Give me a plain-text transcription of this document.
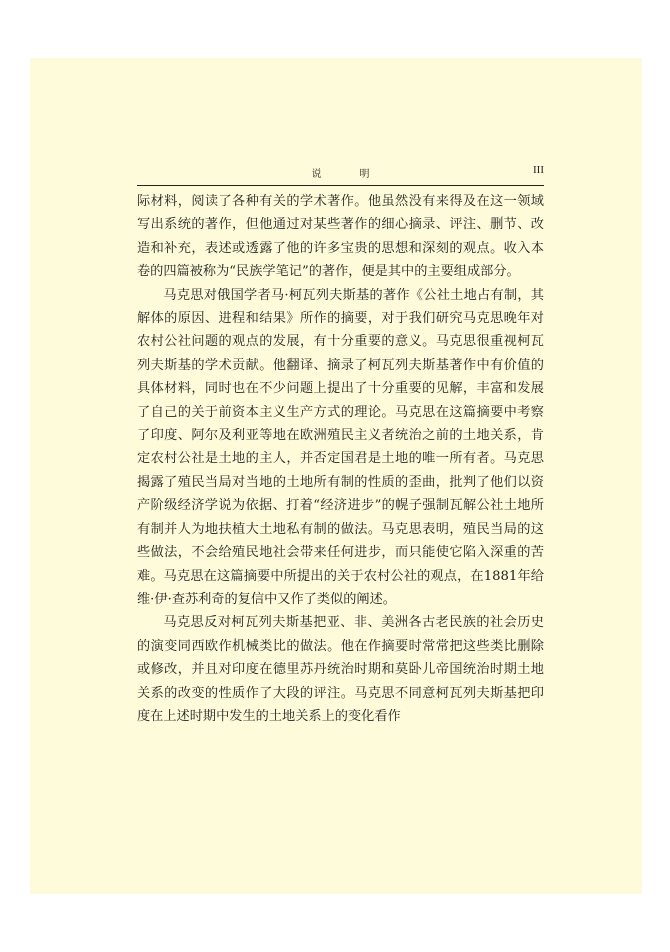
说　明	III

际材料，阅读了各种有关的学术著作。他虽然没有来得及在这一领域写出系统的著作，但他通过对某些著作的细心摘录、评注、删节、改造和补充，表述或透露了他的许多宝贵的思想和深刻的观点。收入本卷的四篇被称为“民族学笔记”的著作，便是其中的主要组成部分。

马克思对俄国学者马·柯瓦列夫斯基的著作《公社土地占有制，其解体的原因、进程和结果》所作的摘要，对于我们研究马克思晚年对农村公社问题的观点的发展，有十分重要的意义。马克思很重视柯瓦列夫斯基的学术贡献。他翻译、摘录了柯瓦列夫斯基著作中有价值的具体材料，同时也在不少问题上提出了十分重要的见解，丰富和发展了自己的关于前资本主义生产方式的理论。马克思在这篇摘要中考察了印度、阿尔及利亚等地在欧洲殖民主义者统治之前的土地关系，肯定农村公社是土地的主人，并否定国君是土地的唯一所有者。马克思揭露了殖民当局对当地的土地所有制的性质的歪曲，批判了他们以资产阶级经济学说为依据、打着“经济进步”的幌子强制瓦解公社土地所有制并人为地扶植大土地私有制的做法。马克思表明，殖民当局的这些做法，不会给殖民地社会带来任何进步，而只能使它陷入深重的苦难。马克思在这篇摘要中所提出的关于农村公社的观点，在1881年给维·伊·查苏利奇的复信中又作了类似的阐述。

马克思反对柯瓦列夫斯基把亚、非、美洲各古老民族的社会历史的演变同西欧作机械类比的做法。他在作摘要时常常把这些类比删除或修改，并且对印度在德里苏丹统治时期和莫卧儿帝国统治时期土地关系的改变的性质作了大段的评注。马克思不同意柯瓦列夫斯基把印度在上述时期中发生的土地关系上的变化看作
